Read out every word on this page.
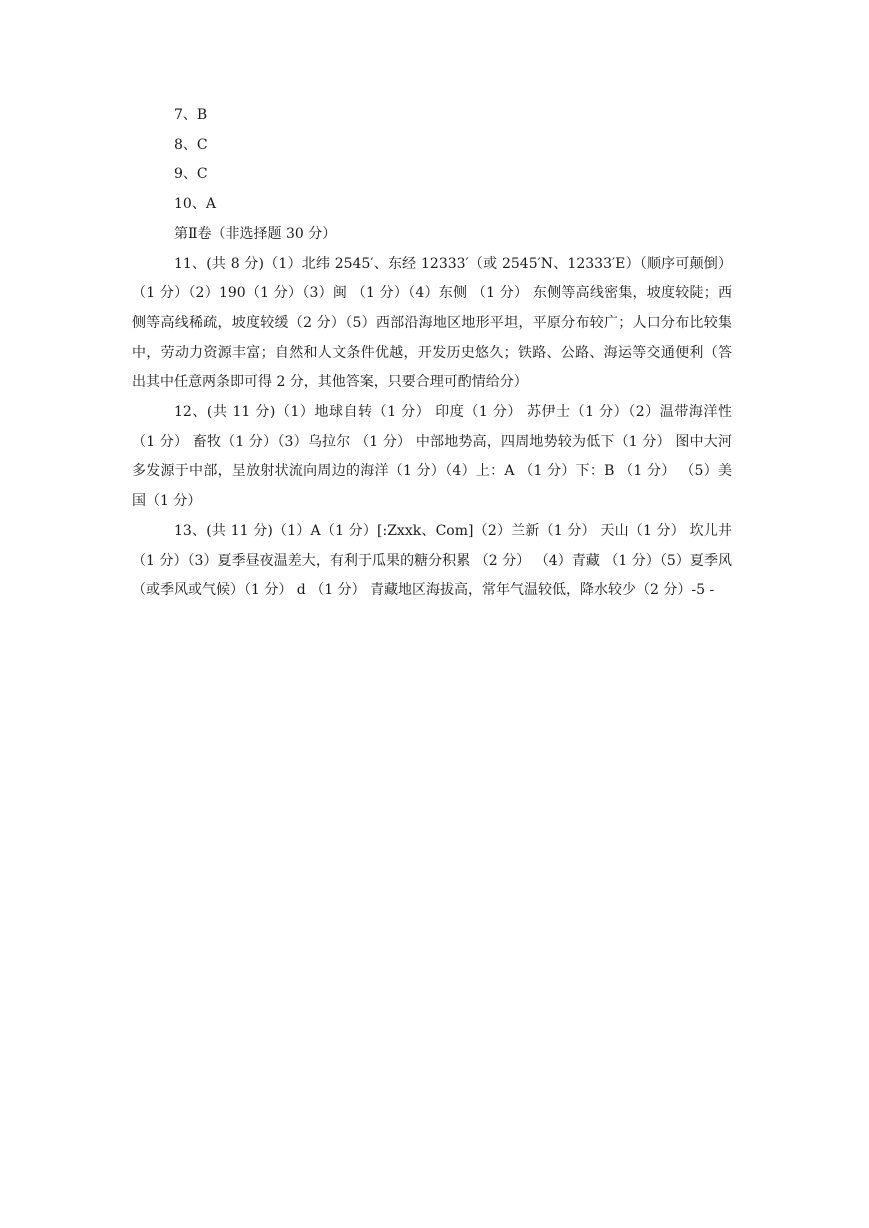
7、B

8、C

9、C

10、A

第Ⅱ卷（非选择题 30 分）

11、(共 8 分)（1）北纬 2545′、东经 12333′（或 2545′N、12333′E）（顺序可颠倒）（1 分）（2）190（1 分）（3）闽 （1 分）（4）东侧 （1 分） 东侧等高线密集，坡度较陡；西侧等高线稀疏，坡度较缓（2 分）（5）西部沿海地区地形平坦，平原分布较广；人口分布比较集中，劳动力资源丰富；自然和人文条件优越，开发历史悠久；铁路、公路、海运等交通便利（答出其中任意两条即可得 2 分，其他答案，只要合理可酌情给分）

12、(共 11 分)（1）地球自转（1 分） 印度（1 分） 苏伊士（1 分）（2）温带海洋性（1 分） 畜牧（1 分）（3）乌拉尔 （1 分） 中部地势高，四周地势较为低下（1 分） 图中大河多发源于中部，呈放射状流向周边的海洋（1 分）（4）上：A （1 分）下：B （1 分） （5）美国（1 分）

13、(共 11 分)（1）A（1 分）[:Zxxk、Com]（2）兰新（1 分） 天山（1 分） 坎儿井（1 分）（3）夏季昼夜温差大，有利于瓜果的糖分积累 （2 分） （4）青藏 （1 分）（5）夏季风（或季风或气候）（1 分） d （1 分） 青藏地区海拔高，常年气温较低，降水较少（2 分）-5 -
